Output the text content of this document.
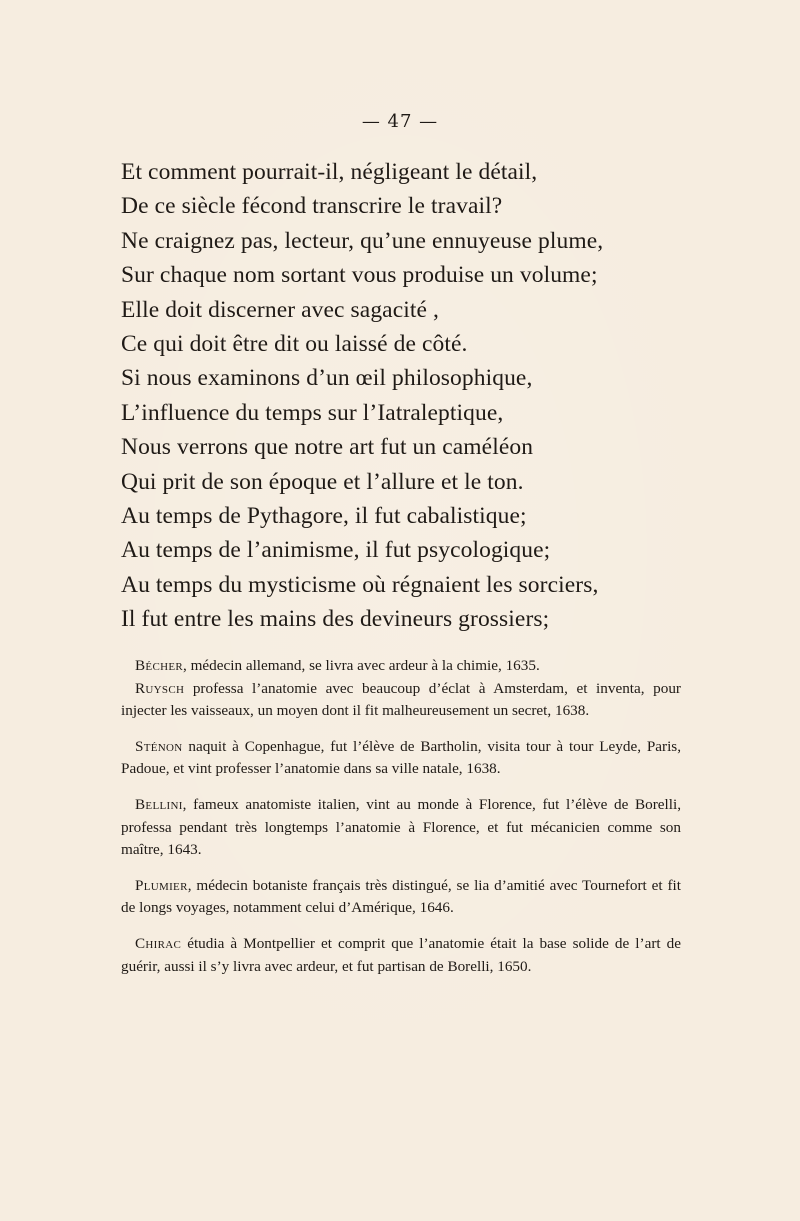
— 47 —
Et comment pourrait-il, négligeant le détail,
De ce siècle fécond transcrire le travail?
Ne craignez pas, lecteur, qu’une ennuyeuse plume,
Sur chaque nom sortant vous produise un volume;
Elle doit discerner avec sagacité ,
Ce qui doit être dit ou laissé de côté.
Si nous examinons d’un œil philosophique,
L’influence du temps sur l’Iatraleptique,
Nous verrons que notre art fut un caméléon
Qui prit de son époque et l’allure et le ton.
Au temps de Pythagore, il fut cabalistique;
Au temps de l’animisme, il fut psycologique;
Au temps du mysticisme où régnaient les sorciers,
Il fut entre les mains des devineurs grossiers;

Bécher, médecin allemand, se livra avec ardeur à la chimie, 1635.

Ruysch professa l’anatomie avec beaucoup d’éclat à Amsterdam, et inventa, pour injecter les vaisseaux, un moyen dont il fit malheureusement un secret, 1638.

Sténon naquit à Copenhague, fut l’élève de Bartholin, visita tour à tour Leyde, Paris, Padoue, et vint professer l’anatomie dans sa ville natale, 1638.

Bellini, fameux anatomiste italien, vint au monde à Florence, fut l’élève de Borelli, professa pendant très longtemps l’anatomie à Florence, et fut mécanicien comme son maître, 1643.

Plumier, médecin botaniste français très distingué, se lia d’amitié avec Tournefort et fit de longs voyages, notamment celui d’Amérique, 1646.

Chirac étudia à Montpellier et comprit que l’anatomie était la base solide de l’art de guérir, aussi il s’y livra avec ardeur, et fut partisan de Borelli, 1650.
